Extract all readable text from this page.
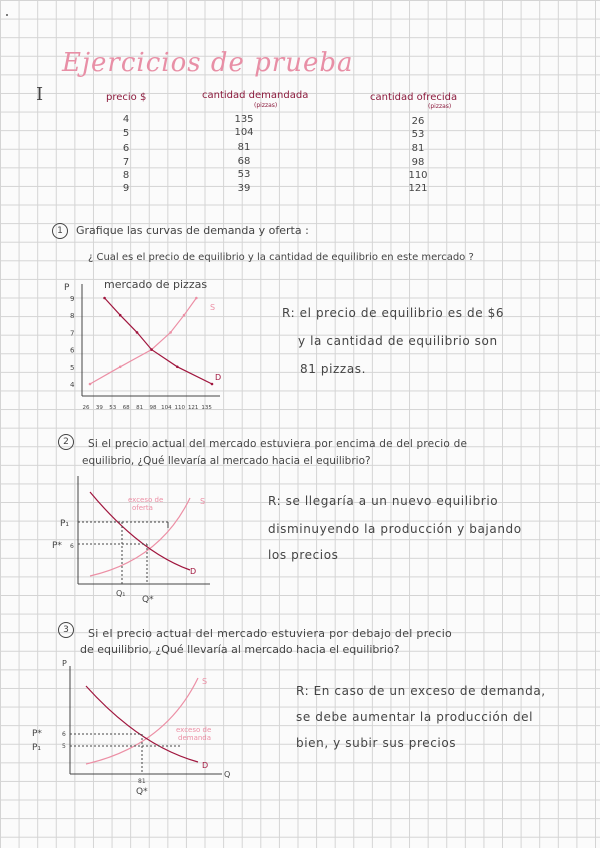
Ejercicios de prueba
I	precio $	cantidad demandada
(pizzas)
cantidad ofrecida
(pizzas)
4	135	26
5	104	53
6	81	81
7	68	98
8	53	110
9	39	121
1	Grafique las curvas de demanda y oferta :
¿ Cual es el precio de equilibrio y la cantidad de equilibrio en este mercado ?
mercado de pizzas
P
9
8
7
6
5
4
26 39 53 68 81 98 104 110 121 135
S
D
R: el precio de equilibrio es de $6
y la cantidad de equilibrio son
81 pizzas.
2	Si el precio actual del mercado estuviera por encima de del precio de
equilibrio, ¿Qué llevaría al mercado hacia el equilibrio?
exceso de
oferta
S
D
P₁
P* 6
Q₁
Q*
R: se llegaría a un nuevo equilibrio
disminuyendo la producción y bajando
los precios
3	Si el precio actual del mercado estuviera por debajo del precio
de equilibrio, ¿Qué llevaría al mercado hacia el equilibrio?
P
Q
exceso de
demanda
S
D
P*
P₁
6
5
81
Q*
R: En caso de un exceso de demanda,
se debe aumentar la producción del
bien, y subir sus precios
